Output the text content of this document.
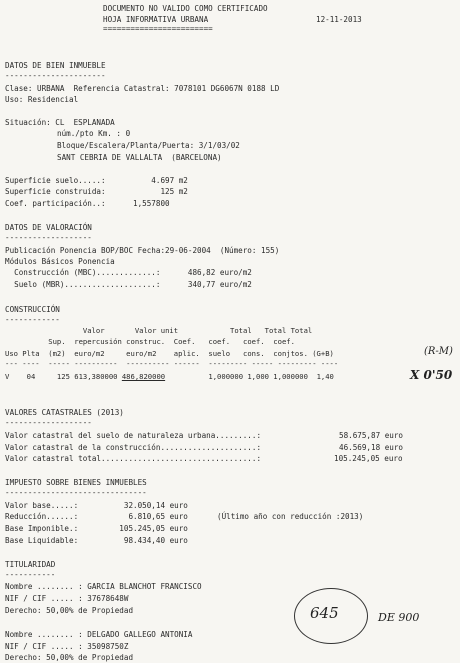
DOCUMENTO NO VALIDO COMO CERTIFICADO
HOJA INFORMATIVA URBANA	12-11-2013
========================
DATOS DE BIEN INMUEBLE
----------------------
Clase: URBANA  Referencia Catastral: 7078101 DG6067N 0188 LD
Uso: Residencial
Situación: CL  ESPLANADA
núm./pto Km. : 0
Bloque/Escalera/Planta/Puerta: 3/1/03/02
SANT CEBRIA DE VALLALTA  (BARCELONA)
Superficie suelo.....:          4.697 m2
Superficie construida:            125 m2
Coef. participación..:      1,557800
DATOS DE VALORACIÓN
-------------------
Publicación Ponencia BOP/BOC Fecha:29-06-2004  (Número: 155)
Módulos Básicos Ponencia
Construcción (MBC).............:      486,82 euro/m2
Suelo (MBR)....................:      340,77 euro/m2
CONSTRUCCIÓN
------------
Valor       Valor unit            Total   Total Total
Sup.  repercusión construc.  Coef.   coef.   coef.  coef.
Uso Plta  (m2)  euro/m2     euro/m2    aplic.  suelo   cons.  conjtos. (G+B)
--- ----  ----- ----------  ---------- ------  --------- ----- --------- ----
V    04     125 613,380000 486,820000          1,000000 1,000 1,000000  1,40
VALORES CATASTRALES (2013)
-------------------
Valor catastral del suelo de naturaleza urbana.........:	58.675,87 euro
Valor catastral de la construcción.....................:	46.569,18 euro
Valor catastral total..................................:	105.245,05 euro
IMPUESTO SOBRE BIENES INMUEBLES
-------------------------------
Valor base.....:          32.050,14 euro
Reducción......:           6.810,65 euro	(Último año con reducción :2013)
Base Imponible.:         105.245,05 euro
Base Liquidable:          98.434,40 euro
TITULARIDAD
-----------
Nombre ........ : GARCIA BLANCHOT FRANCISCO
NIF / CIF ..... : 37678648W
Derecho: 50,00% de Propiedad
Nombre ........ : DELGADO GALLEGO ANTONIA
NIF / CIF ..... : 35098750Z
Derecho: 50,00% de Propiedad
(R-M)
X 0'50
645	DE 900
